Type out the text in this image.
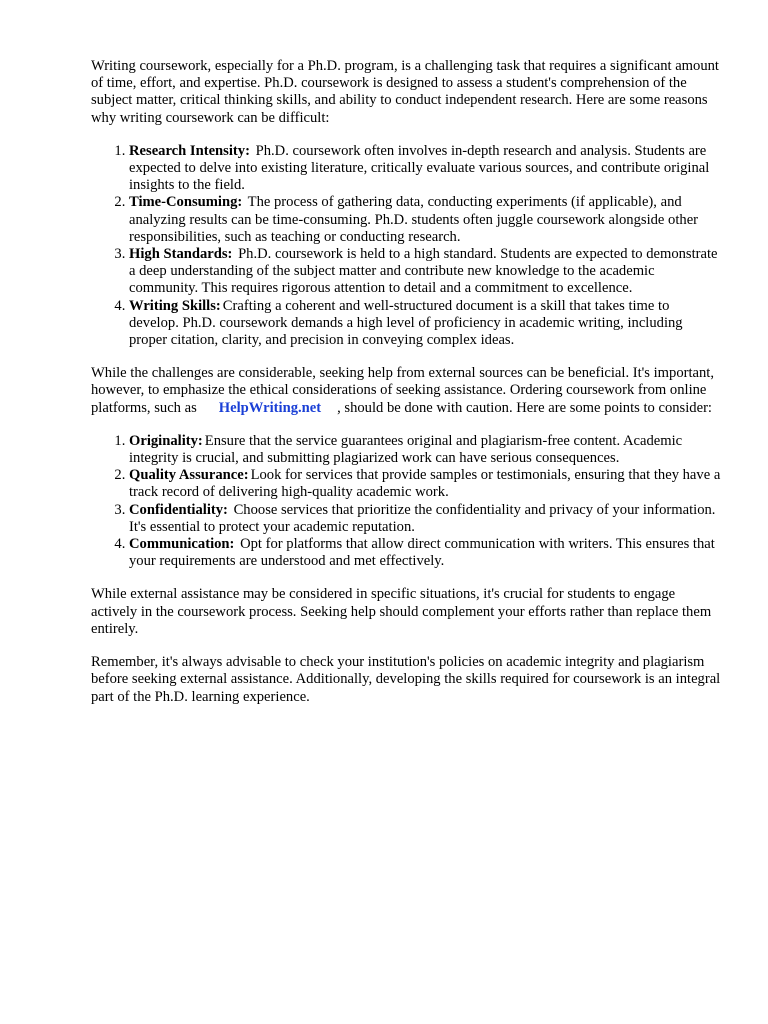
Writing coursework, especially for a Ph.D. program, is a challenging task that requires a significant amount of time, effort, and expertise. Ph.D. coursework is designed to assess a student's comprehension of the subject matter, critical thinking skills, and ability to conduct independent research. Here are some reasons why writing coursework can be difficult:

1. Research Intensity: Ph.D. coursework often involves in-depth research and analysis. Students are expected to delve into existing literature, critically evaluate various sources, and contribute original insights to the field.
2. Time-Consuming: The process of gathering data, conducting experiments (if applicable), and analyzing results can be time-consuming. Ph.D. students often juggle coursework alongside other responsibilities, such as teaching or conducting research.
3. High Standards: Ph.D. coursework is held to a high standard. Students are expected to demonstrate a deep understanding of the subject matter and contribute new knowledge to the academic community. This requires rigorous attention to detail and a commitment to excellence.
4. Writing Skills: Crafting a coherent and well-structured document is a skill that takes time to develop. Ph.D. coursework demands a high level of proficiency in academic writing, including proper citation, clarity, and precision in conveying complex ideas.

While the challenges are considerable, seeking help from external sources can be beneficial. It's important, however, to emphasize the ethical considerations of seeking assistance. Ordering coursework from online platforms, such as HelpWriting.net , should be done with caution. Here are some points to consider:

1. Originality: Ensure that the service guarantees original and plagiarism-free content. Academic integrity is crucial, and submitting plagiarized work can have serious consequences.
2. Quality Assurance: Look for services that provide samples or testimonials, ensuring that they have a track record of delivering high-quality academic work.
3. Confidentiality: Choose services that prioritize the confidentiality and privacy of your information. It's essential to protect your academic reputation.
4. Communication: Opt for platforms that allow direct communication with writers. This ensures that your requirements are understood and met effectively.

While external assistance may be considered in specific situations, it's crucial for students to engage actively in the coursework process. Seeking help should complement your efforts rather than replace them entirely.

Remember, it's always advisable to check your institution's policies on academic integrity and plagiarism before seeking external assistance. Additionally, developing the skills required for coursework is an integral part of the Ph.D. learning experience.
